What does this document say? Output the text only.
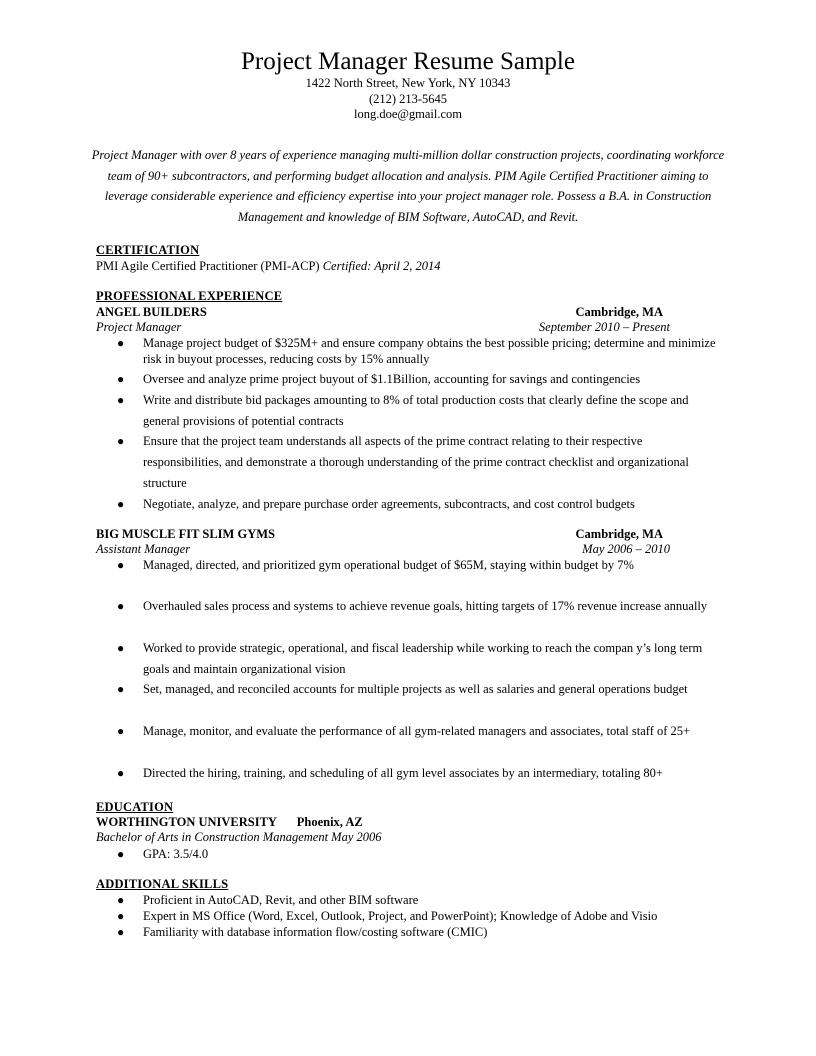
Project Manager Resume Sample
1422 North Street, New York, NY 10343
(212) 213-5645
long.doe@gmail.com
Project Manager with over 8 years of experience managing multi-million dollar construction projects, coordinating workforce team of 90+ subcontractors, and performing budget allocation and analysis. PIM Agile Certified Practitioner aiming to leverage considerable experience and efficiency expertise into your project manager role. Possess a B.A. in Construction Management and knowledge of BIM Software, AutoCAD, and Revit.
CERTIFICATION
PMI Agile Certified Practitioner (PMI-ACP) Certified: April 2, 2014
PROFESSIONAL EXPERIENCE
ANGEL BUILDERS	Cambridge, MA
Project Manager	September 2010 – Present
● Manage project budget of $325M+ and ensure company obtains the best possible pricing; determine and minimize risk in buyout processes, reducing costs by 15% annually
● Oversee and analyze prime project buyout of $1.1Billion, accounting for savings and contingencies
● Write and distribute bid packages amounting to 8% of total production costs that clearly define the scope and general provisions of potential contracts
● Ensure that the project team understands all aspects of the prime contract relating to their respective responsibilities, and demonstrate a thorough understanding of the prime contract checklist and organizational structure
● Negotiate, analyze, and prepare purchase order agreements, subcontracts, and cost control budgets
BIG MUSCLE FIT SLIM GYMS	Cambridge, MA
Assistant Manager	May 2006 – 2010
● Managed, directed, and prioritized gym operational budget of $65M, staying within budget by 7%
● Overhauled sales process and systems to achieve revenue goals, hitting targets of 17% revenue increase annually
● Worked to provide strategic, operational, and fiscal leadership while working to reach the compan y’s long term goals and maintain organizational vision
● Set, managed, and reconciled accounts for multiple projects as well as salaries and general operations budget
● Manage, monitor, and evaluate the performance of all gym-related managers and associates, total staff of 25+
● Directed the hiring, training, and scheduling of all gym level associates by an intermediary, totaling 80+
EDUCATION
WORTHINGTON UNIVERSITY Phoenix, AZ
Bachelor of Arts in Construction Management May 2006
● GPA: 3.5/4.0
ADDITIONAL SKILLS
● Proficient in AutoCAD, Revit, and other BIM software
● Expert in MS Office (Word, Excel, Outlook, Project, and PowerPoint); Knowledge of Adobe and Visio
● Familiarity with database information flow/costing software (CMIC)
